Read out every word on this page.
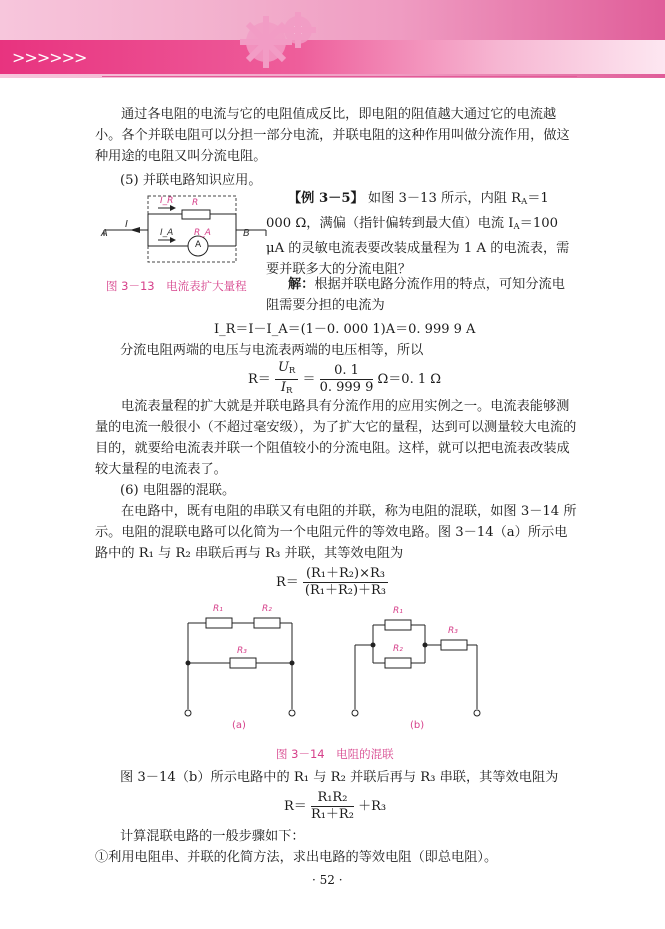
>>>>>>
通过各电阻的电流与它的电阻值成反比，即电阻的阻值越大通过它的电流越小。各个并联电阻可以分担一部分电流，并联电阻的这种作用叫做分流作用，做这种用途的电阻又叫分流电阻。
(5) 并联电路知识应用。
A	B
I
I_R
I_A
R
R_A
A
图 3－13　电流表扩大量程
【例 3－5】 如图 3－13 所示，内阻 $R_A=1$ 000 Ω，满偏（指针偏转到最大值）电流 $I_A=100$ μA 的灵敏电流表要改装成量程为 1 A 的电流表，需要并联多大的分流电阻？
解：根据并联电路分流作用的特点，可知分流电阻需要分担的电流为
I_R＝I－I_A＝(1－0. 000 1)A＝0. 999 9 A
分流电阻两端的电压与电流表两端的电压相等，所以
$R= \frac{U_R}{I_R} = \frac{0. 1}{0. 999 9} \Omega=0$. 1 Ω
电流表量程的扩大就是并联电路具有分流作用的应用实例之一。电流表能够测量的电流一般很小（不超过毫安级），为了扩大它的量程，达到可以测量较大电流的目的，就要给电流表并联一个阻值较小的分流电阻。这样，就可以把电流表改装成较大量程的电流表了。
(6) 电阻器的混联。
在电路中，既有电阻的串联又有电阻的并联，称为电阻的混联，如图 3－14 所示。电阻的混联电路可以化简为一个电阻元件的等效电路。图 3－14（a）所示电路中的 R₁ 与 R₂ 串联后再与 R₃ 并联，其等效电阻为
$R= \frac{\text{(R₁＋R₂)×R₃}}{\text{(R₁＋R₂)＋R₃}}$
R₁	R₂
R₃
(a)
R₁
R₂
R₃
(b)
图 3－14　电阻的混联
图 3－14（b）所示电路中的 R₁ 与 R₂ 并联后再与 R₃ 串联，其等效电阻为
$R= \frac{\text{R₁R₂}}{\text{R₁＋R₂}} +R_3$
计算混联电路的一般步骤如下：
①利用电阻串、并联的化简方法，求出电路的等效电阻（即总电阻）。
· 52 ·
